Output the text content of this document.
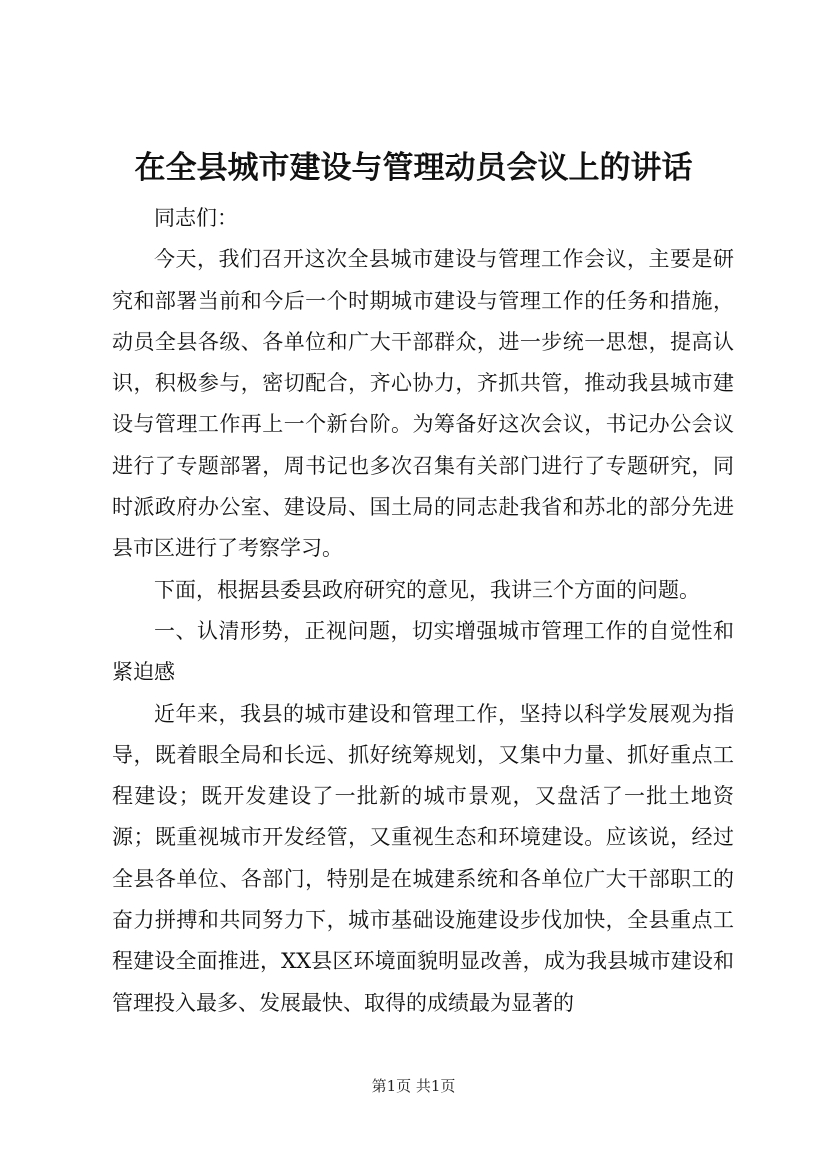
在全县城市建设与管理动员会议上的讲话

同志们：

今天，我们召开这次全县城市建设与管理工作会议，主要是研究和部署当前和今后一个时期城市建设与管理工作的任务和措施，动员全县各级、各单位和广大干部群众，进一步统一思想，提高认识，积极参与，密切配合，齐心协力，齐抓共管，推动我县城市建设与管理工作再上一个新台阶。为筹备好这次会议，书记办公会议进行了专题部署，周书记也多次召集有关部门进行了专题研究，同时派政府办公室、建设局、国土局的同志赴我省和苏北的部分先进县市区进行了考察学习。

下面，根据县委县政府研究的意见，我讲三个方面的问题。

一、认清形势，正视问题，切实增强城市管理工作的自觉性和紧迫感

近年来，我县的城市建设和管理工作，坚持以科学发展观为指导，既着眼全局和长远、抓好统筹规划，又集中力量、抓好重点工程建设；既开发建设了一批新的城市景观，又盘活了一批土地资源；既重视城市开发经管，又重视生态和环境建设。应该说，经过全县各单位、各部门，特别是在城建系统和各单位广大干部职工的奋力拼搏和共同努力下，城市基础设施建设步伐加快，全县重点工程建设全面推进，XX县区环境面貌明显改善，成为我县城市建设和管理投入最多、发展最快、取得的成绩最为显著的

第1页 共1页
